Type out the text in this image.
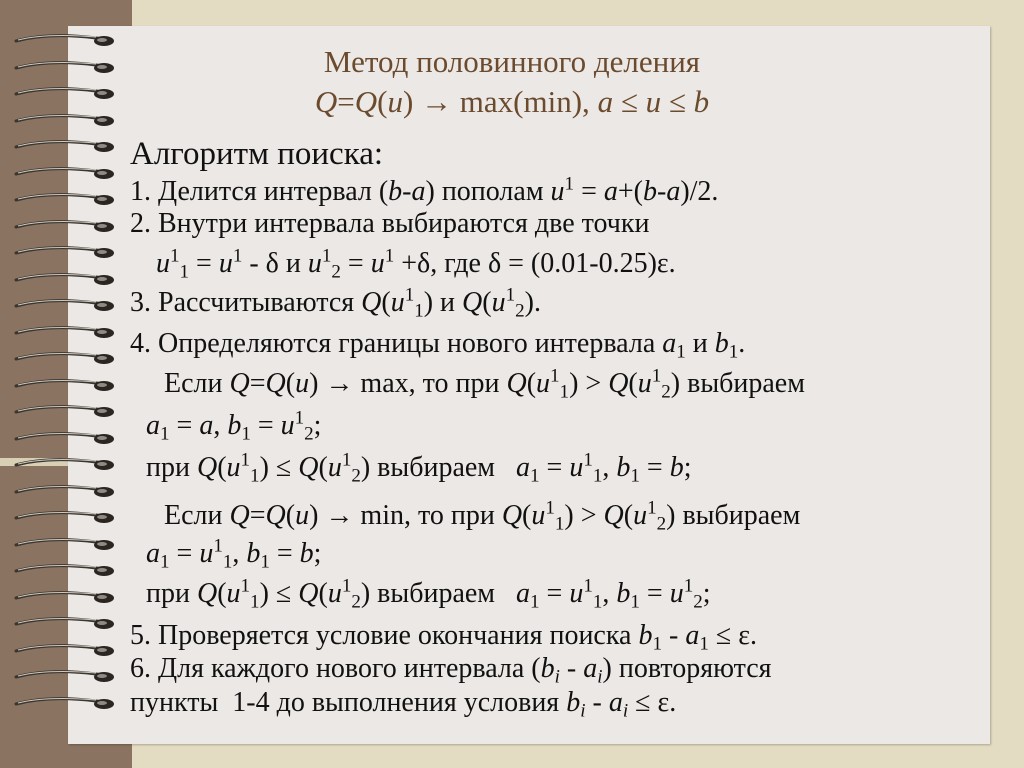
Метод половинного деления
Q=Q(u) → max(min), a ≤ u ≤ b
Алгоритм поиска:
1. Делится интервал (b-a) пополам $u^1 = a+(b-a)/2$.
2. Внутри интервала выбираются две точки
$u^1_1 = u^1 - \delta$ и $u^1_2 = u^1 +\delta$, где δ = (0.01-0.25)ε.
3. Рассчитываются $Q(u^1_1)$ и $Q(u^1_2)$.
4. Определяются границы нового интервала $a_1$ и $b_1$.
Если Q=Q(u) → max, то при $Q(u^1_1) > Q(u^1_2)$ выбираем
$a_1 = a$, $b_1 = u^1_2$;
при $Q(u^1_1) \le Q(u^1_2)$ выбираем   $a_1 = u^1_1$, $b_1 = b$;
Если Q=Q(u) → min, то при $Q(u^1_1) > Q(u^1_2)$ выбираем
$a_1 = u^1_1$, $b_1 = b$;
при $Q(u^1_1) \le Q(u^1_2)$ выбираем   $a_1 = u^1_1$, $b_1 = u^1_2$;
5. Проверяется условие окончания поиска $b_1 - a_1 \le \varepsilon$.
6. Для каждого нового интервала $(b_i - a_i)$ повторяются
пункты  1-4 до выполнения условия $b_i - a_i \le \varepsilon$.
